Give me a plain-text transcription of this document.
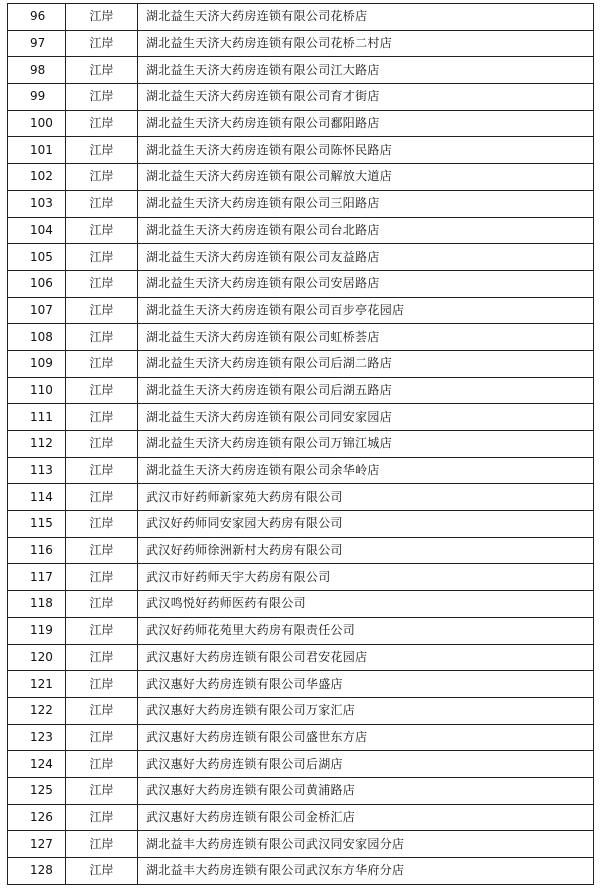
96	江岸	湖北益生天济大药房连锁有限公司花桥店
97	江岸	湖北益生天济大药房连锁有限公司花桥二村店
98	江岸	湖北益生天济大药房连锁有限公司江大路店
99	江岸	湖北益生天济大药房连锁有限公司育才街店
100	江岸	湖北益生天济大药房连锁有限公司鄱阳路店
101	江岸	湖北益生天济大药房连锁有限公司陈怀民路店
102	江岸	湖北益生天济大药房连锁有限公司解放大道店
103	江岸	湖北益生天济大药房连锁有限公司三阳路店
104	江岸	湖北益生天济大药房连锁有限公司台北路店
105	江岸	湖北益生天济大药房连锁有限公司友益路店
106	江岸	湖北益生天济大药房连锁有限公司安居路店
107	江岸	湖北益生天济大药房连锁有限公司百步亭花园店
108	江岸	湖北益生天济大药房连锁有限公司虹桥荟店
109	江岸	湖北益生天济大药房连锁有限公司后湖二路店
110	江岸	湖北益生天济大药房连锁有限公司后湖五路店
111	江岸	湖北益生天济大药房连锁有限公司同安家园店
112	江岸	湖北益生天济大药房连锁有限公司万锦江城店
113	江岸	湖北益生天济大药房连锁有限公司余华岭店
114	江岸	武汉市好药师新家苑大药房有限公司
115	江岸	武汉好药师同安家园大药房有限公司
116	江岸	武汉好药师徐洲新村大药房有限公司
117	江岸	武汉市好药师天宇大药房有限公司
118	江岸	武汉鸣悦好药师医药有限公司
119	江岸	武汉好药师花苑里大药房有限责任公司
120	江岸	武汉惠好大药房连锁有限公司君安花园店
121	江岸	武汉惠好大药房连锁有限公司华盛店
122	江岸	武汉惠好大药房连锁有限公司万家汇店
123	江岸	武汉惠好大药房连锁有限公司盛世东方店
124	江岸	武汉惠好大药房连锁有限公司后湖店
125	江岸	武汉惠好大药房连锁有限公司黄浦路店
126	江岸	武汉惠好大药房连锁有限公司金桥汇店
127	江岸	湖北益丰大药房连锁有限公司武汉同安家园分店
128	江岸	湖北益丰大药房连锁有限公司武汉东方华府分店
